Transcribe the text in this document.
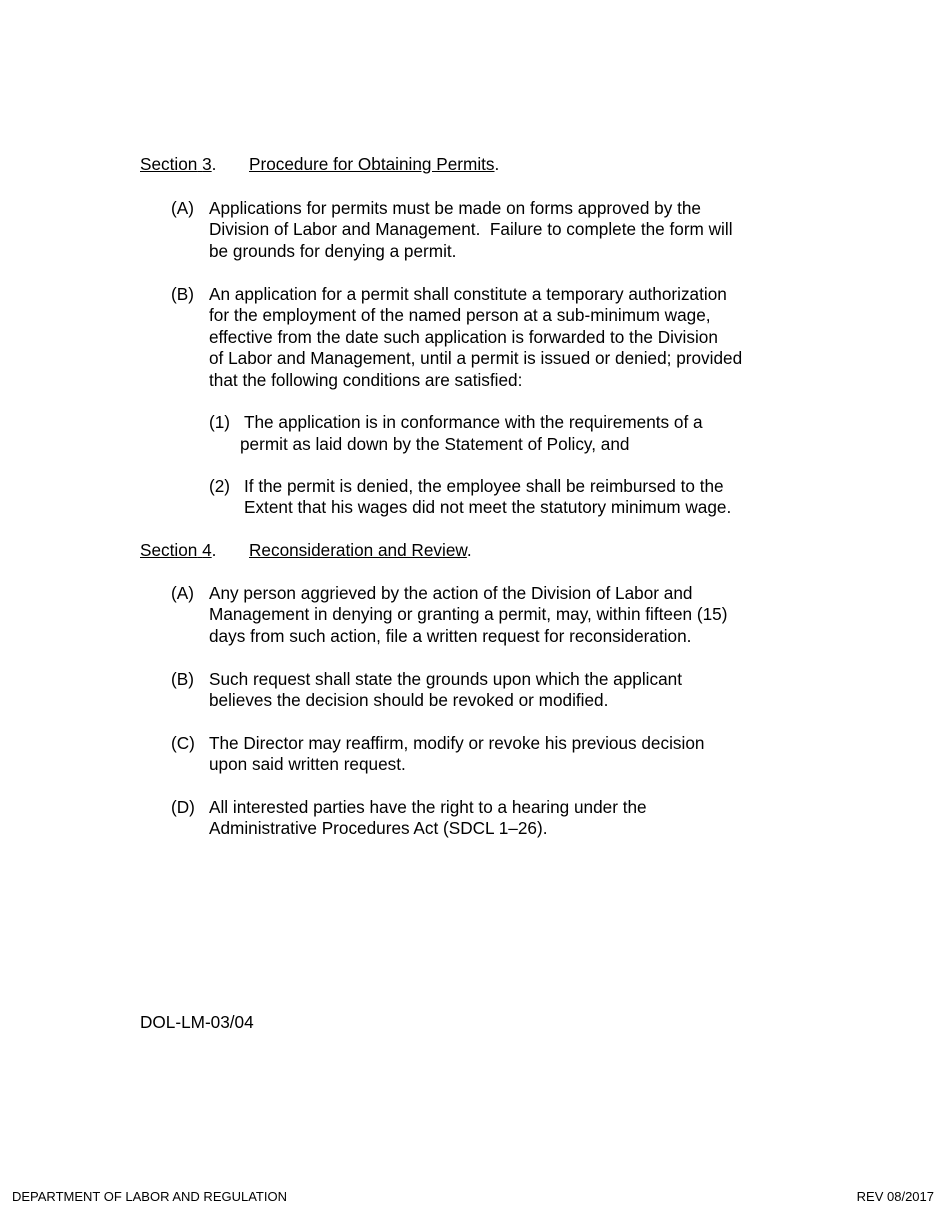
Section 3. Procedure for Obtaining Permits.
(A) Applications for permits must be made on forms approved by the
Division of Labor and Management.  Failure to complete the form will
be grounds for denying a permit.
(B) An application for a permit shall constitute a temporary authorization
for the employment of the named person at a sub-minimum wage,
effective from the date such application is forwarded to the Division
of Labor and Management, until a permit is issued or denied; provided
that the following conditions are satisfied:
(1) The application is in conformance with the requirements of a
permit as laid down by the Statement of Policy, and
(2) If the permit is denied, the employee shall be reimbursed to the
Extent that his wages did not meet the statutory minimum wage.
Section 4. Reconsideration and Review.
(A) Any person aggrieved by the action of the Division of Labor and
Management in denying or granting a permit, may, within fifteen (15)
days from such action, file a written request for reconsideration.
(B) Such request shall state the grounds upon which the applicant
believes the decision should be revoked or modified.
(C) The Director may reaffirm, modify or revoke his previous decision
upon said written request.
(D) All interested parties have the right to a hearing under the
Administrative Procedures Act (SDCL 1–26).
DOL-LM-03/04
DEPARTMENT OF LABOR AND REGULATION	REV 08/2017
